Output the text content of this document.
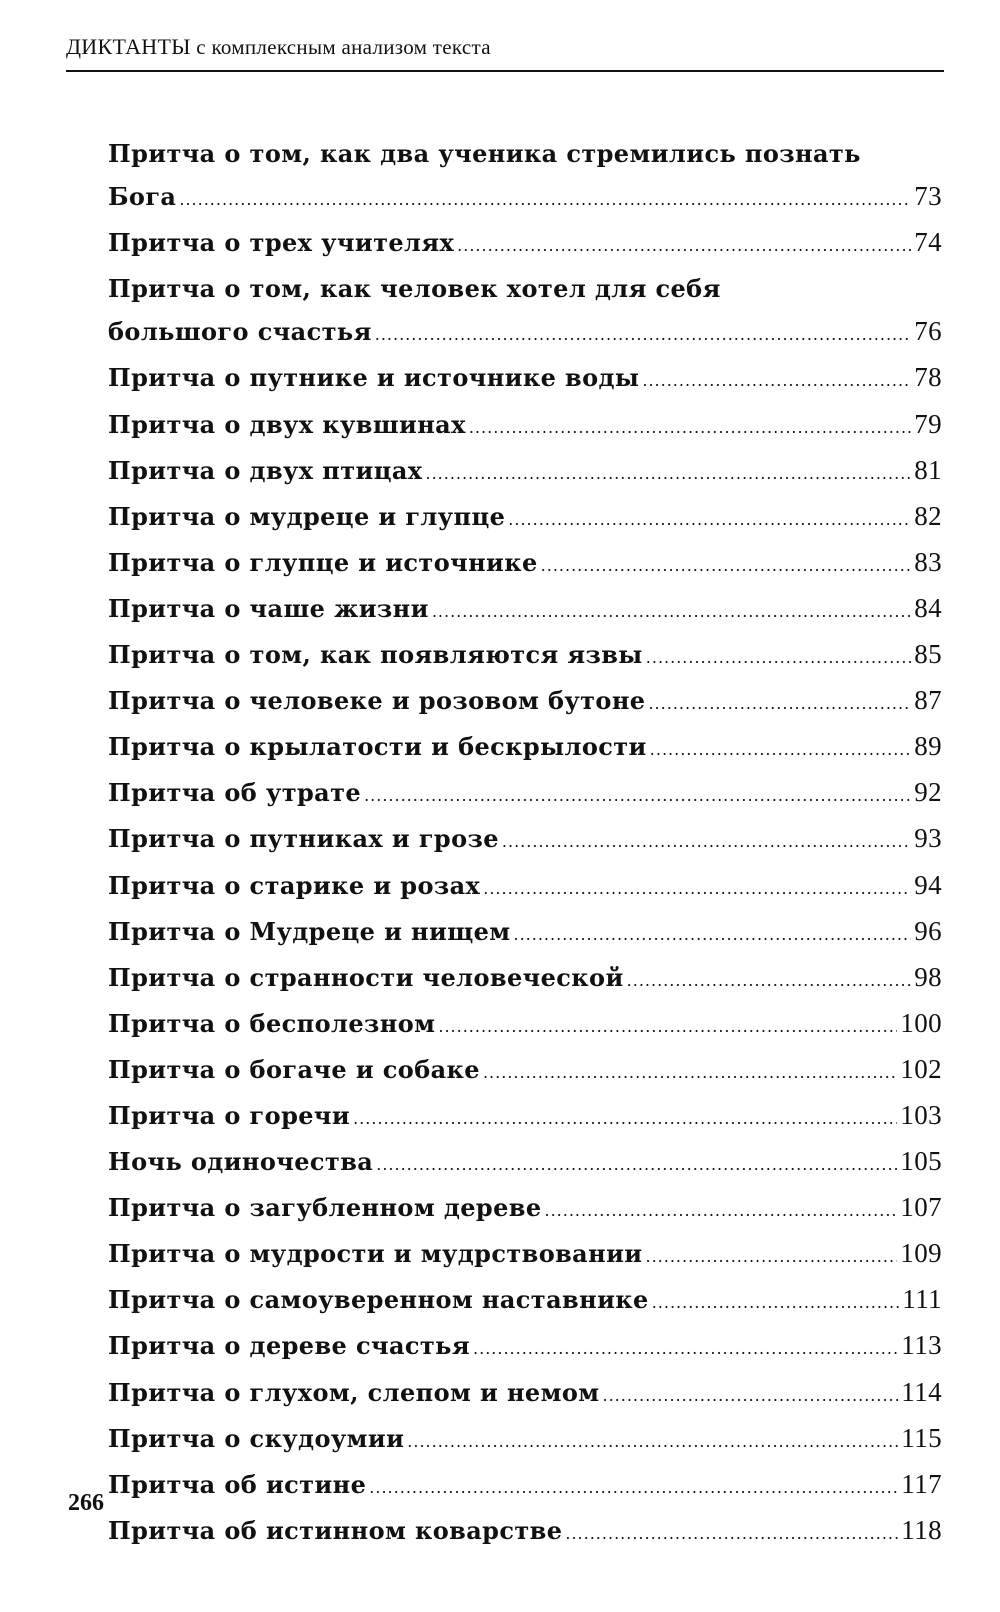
ДИКТАНТЫ с комплексным анализом текста
Притча о том, как два ученика стремились познать
Бога .....	73
Притча о трех учителях .....	74
Притча о том, как человек хотел для себя
большого счастья .....	76
Притча о путнике и источнике воды .....	78
Притча о двух кувшинах .....	79
Притча о двух птицах .....	81
Притча о мудреце и глупце .....	82
Притча о глупце и источнике .....	83
Притча о чаше жизни .....	84
Притча о том, как появляются язвы .....	85
Притча о человеке и розовом бутоне .....	87
Притча о крылатости и бескрылости .....	89
Притча об утрате .....	92
Притча о путниках и грозе .....	93
Притча о старике и розах .....	94
Притча о Мудреце и нищем .....	96
Притча о странности человеческой .....	98
Притча о бесполезном .....	100
Притча о богаче и собаке .....	102
Притча о горечи .....	103
Ночь одиночества .....	105
Притча о загубленном дереве .....	107
Притча о мудрости и мудрствовании .....	109
Притча о самоуверенном наставнике .....	111
Притча о дереве счастья .....	113
Притча о глухом, слепом и немом .....	114
Притча о скудоумии .....	115
Притча об истине .....	117
Притча об истинном коварстве .....	118
266
